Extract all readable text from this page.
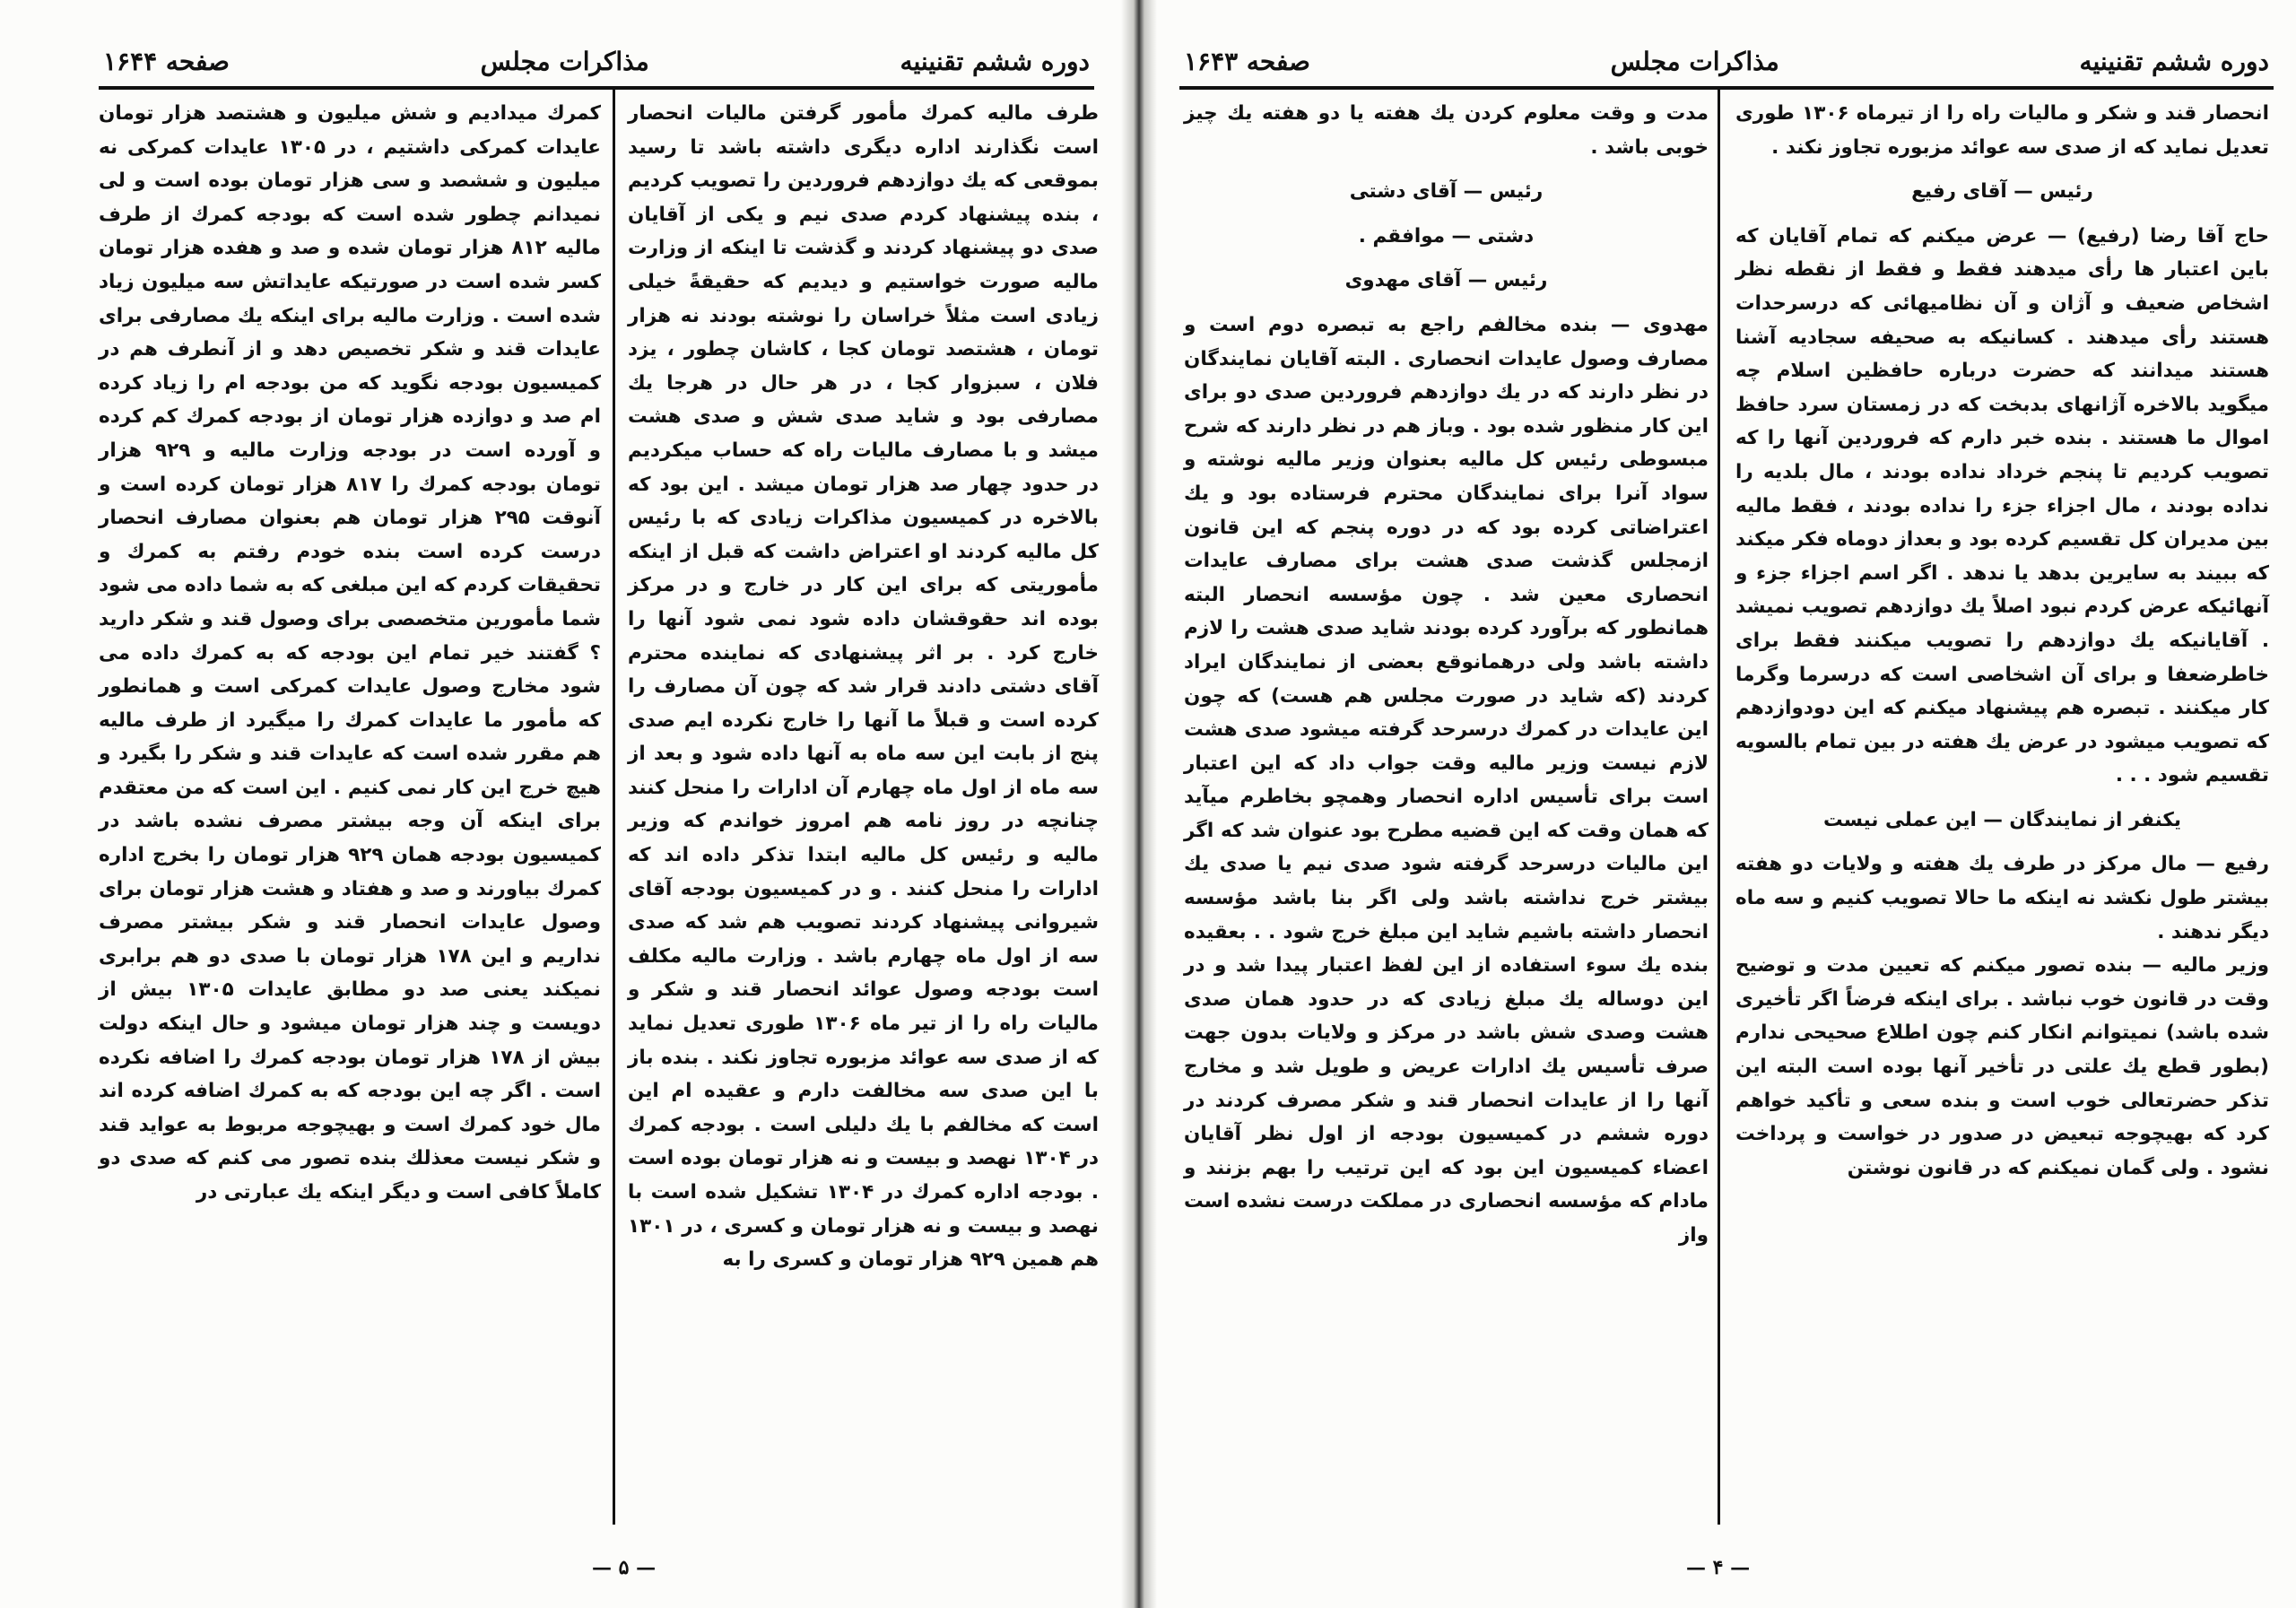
صفحه ۱۶۴۴	مذاكرات مجلس	دوره ششم تقنینیه

طرف مالیه کمرك مأمور گرفتن مالیات انحصار است نگذارند اداره دیگری داشته باشد تا رسید بموقعی که یك دوازدهم فروردین را تصویب کردیم ، بنده پیشنهاد کردم صدی نیم و یکی از آقایان صدی دو پیشنهاد کردند و گذشت تا اینکه از وزارت مالیه صورت خواستیم و دیدیم که حقیقةً خیلی زیادی است مثلاً خراسان را نوشته بودند نه هزار تومان ، هشتصد تومان کجا ، کاشان چطور ، یزد فلان ، سبزوار کجا ، در هر حال در هرجا یك مصارفی بود و شاید صدی شش و صدی هشت میشد و با مصارف مالیات راه که حساب میکردیم در حدود چهار صد هزار تومان میشد . این بود که بالاخره در کمیسیون مذاکرات زیادی که با رئیس کل مالیه کردند او اعتراض داشت که قبل از اینکه مأموریتی که برای این کار در خارج و در مرکز بوده اند حقوقشان داده شود نمی شود آنها را خارج کرد . بر اثر پیشنهادی که نماینده محترم آقای دشتی دادند قرار شد که چون آن مصارف را کرده است و قبلاً ما آنها را خارج نکرده ایم صدی پنج از بابت این سه ماه به آنها داده شود و بعد از سه ماه از اول ماه چهارم آن ادارات را منحل کنند چنانچه در روز نامه هم امروز خواندم که وزیر مالیه و رئیس کل مالیه ابتدا تذکر داده اند که ادارات را منحل کنند . و در کمیسیون بودجه آقای شیروانی پیشنهاد کردند تصویب هم شد که صدی سه از اول ماه چهارم باشد . وزارت مالیه مکلف است بودجه وصول عوائد انحصار قند و شکر و مالیات راه را از تیر ماه ۱۳۰۶ طوری تعدیل نماید که از صدی سه عوائد مزبوره تجاوز نکند . بنده باز با این صدی سه مخالفت دارم و عقیده ام این است که مخالفم با یك دلیلی است . بودجه کمرك در ۱۳۰۴ نهصد و بیست و نه هزار تومان بوده است . بودجه اداره کمرك در ۱۳۰۴ تشکیل شده است با نهصد و بیست و نه هزار تومان و کسری ، در ۱۳۰۱ هم همین ۹۲۹ هزار تومان و کسری را به

کمرك میدادیم و شش میلیون و هشتصد هزار تومان عایدات کمرکی داشتیم ، در ۱۳۰۵ عایدات کمرکی نه میلیون و ششصد و سی هزار تومان بوده است و لی نمیدانم چطور شده است که بودجه کمرك از طرف مالیه ۸۱۲ هزار تومان شده و صد و هفده هزار تومان کسر شده است در صورتیکه عایداتش سه میلیون زیاد شده است . وزارت مالیه برای اینکه یك مصارفی برای عایدات قند و شکر تخصیص دهد و از آنطرف هم در کمیسیون بودجه نگوید که من بودجه ام را زیاد کرده ام صد و دوازده هزار تومان از بودجه کمرك کم کرده و آورده است در بودجه وزارت مالیه و ۹۲۹ هزار تومان بودجه کمرك را ۸۱۷ هزار تومان کرده است و آنوقت ۲۹۵ هزار تومان هم بعنوان مصارف انحصار درست کرده است بنده خودم رفتم به کمرك و تحقیقات کردم که این مبلغی که به شما داده می شود شما مأمورین متخصصی برای وصول قند و شکر دارید ؟ گفتند خیر تمام این بودجه که به کمرك داده می شود مخارج وصول عایدات کمرکی است و همانطور که مأمور ما عایدات کمرك را میگیرد از طرف مالیه هم مقرر شده است که عایدات قند و شکر را بگیرد و هیچ خرج این کار نمی کنیم . این است که من معتقدم برای اینکه آن وجه بیشتر مصرف نشده باشد در کمیسیون بودجه همان ۹۲۹ هزار تومان را بخرج اداره کمرك بیاورند و صد و هفتاد و هشت هزار تومان برای وصول عایدات انحصار قند و شکر بیشتر مصرف نداریم و این ۱۷۸ هزار تومان با صدی دو هم برابری نمیکند یعنی صد دو مطابق عایدات ۱۳۰۵ بیش از دویست و چند هزار تومان میشود و حال اینکه دولت بیش از ۱۷۸ هزار تومان بودجه کمرك را اضافه نکرده است . اگر چه این بودجه که به کمرك اضافه کرده اند مال خود کمرك است و بهیچوجه مربوط به عواید قند و شکر نیست معذلك بنده تصور می کنم که صدی دو کاملاً کافی است و دیگر اینکه یك عبارتی در

— ۵ —
صفحه ۱۶۴۳	مذاكرات مجلس	دوره ششم تقنینیه

انحصار قند و شکر و مالیات راه را از تیرماه ۱۳۰۶ طوری تعدیل نماید که از صدی سه عوائد مزبوره تجاوز نکند .

رئیس — آقای رفیع

حاج آقا رضا (رفیع) — عرض میکنم که تمام آقایان که باین اعتبار ها رأی میدهند فقط و فقط از نقطه نظر اشخاص ضعیف و آژان و آن نظامیهائی که درسرحدات هستند رأی میدهند . کسانیکه به صحیفه سجادیه آشنا هستند میدانند که حضرت درباره حافظین اسلام چه میگوید بالاخره آژانهای بدبخت که در زمستان سرد حافظ اموال ما هستند . بنده خبر دارم که فروردین آنها را که تصویب کردیم تا پنجم خرداد نداده بودند ، مال بلدیه را نداده بودند ، مال اجزاء جزء را نداده بودند ، فقط مالیه بین مدیران کل تقسیم کرده بود و بعداز دوماه فکر میکند که ببیند به سایرین بدهد یا ندهد . اگر اسم اجزاء جزء و آنهائیکه عرض کردم نبود اصلاً یك دوازدهم تصویب نمیشد . آقایانیکه یك دوازدهم را تصویب میکنند فقط برای خاطرضعفا و برای آن اشخاصی است که درسرما وگرما کار میکنند . تبصره هم پیشنهاد میکنم که این دودوازدهم که تصویب میشود در عرض یك هفته در بین تمام بالسویه تقسیم شود . . .

یکنفر از نمایندگان — این عملی نیست

رفیع — مال مرکز در طرف یك هفته و ولایات دو هفته بیشتر طول نکشد نه اینکه ما حالا تصویب کنیم و سه ماه دیگر ندهند .

وزیر مالیه — بنده تصور میکنم که تعیین مدت و توضیح وقت در قانون خوب نباشد . برای اینکه فرضاً اگر تأخیری شده باشد) نمیتوانم انکار کنم چون اطلاع صحیحی ندارم (بطور قطع یك علتی در تأخیر آنها بوده است البته این تذکر حضرتعالی خوب است و بنده سعی و تأکید خواهم کرد که بهیچوجه تبعیض در صدور در خواست و پرداخت نشود . ولی گمان نمیکنم که در قانون نوشتن

مدت و وقت معلوم کردن یك هفته یا دو هفته یك چیز خوبی باشد .

رئیس — آقای دشتی

دشتی — موافقم .

رئیس — آقای مهدوی

مهدوی — بنده مخالفم راجع به تبصره دوم است و مصارف وصول عایدات انحصاری . البته آقایان نمایندگان در نظر دارند که در یك دوازدهم فروردین صدی دو برای این کار منظور شده بود . وباز هم در نظر دارند که شرح مبسوطی رئیس کل مالیه بعنوان وزیر مالیه نوشته و سواد آنرا برای نمایندگان محترم فرستاده بود و یك اعتراضاتی کرده بود که در دوره پنجم که این قانون ازمجلس گذشت صدی هشت برای مصارف عایدات انحصاری معین شد . چون مؤسسه انحصار البته همانطور که برآورد کرده بودند شاید صدی هشت را لازم داشته باشد ولی درهمانوقع بعضی از نمایندگان ایراد کردند (که شاید در صورت مجلس هم هست) که چون این عایدات در کمرك درسرحد گرفته میشود صدی هشت لازم نیست وزیر مالیه وقت جواب داد که این اعتبار است برای تأسیس اداره انحصار وهمچو بخاطرم میآید که همان وقت که این قضیه مطرح بود عنوان شد که اگر این مالیات درسرحد گرفته شود صدی نیم یا صدی یك بیشتر خرج نداشته باشد ولی اگر بنا باشد مؤسسه انحصار داشته باشیم شاید این مبلغ خرج شود . . بعقیده بنده یك سوء استفاده از این لفظ اعتبار پیدا شد و در این دوساله یك مبلغ زیادی که در حدود همان صدی هشت وصدی شش باشد در مرکز و ولایات بدون جهت صرف تأسیس یك ادارات عریض و طویل شد و مخارج آنها را از عایدات انحصار قند و شکر مصرف کردند در دوره ششم در کمیسیون بودجه از اول نظر آقایان اعضاء کمیسیون این بود که این ترتیب را بهم بزنند و مادام که مؤسسه انحصاری در مملکت درست نشده است واز

— ۴ —
